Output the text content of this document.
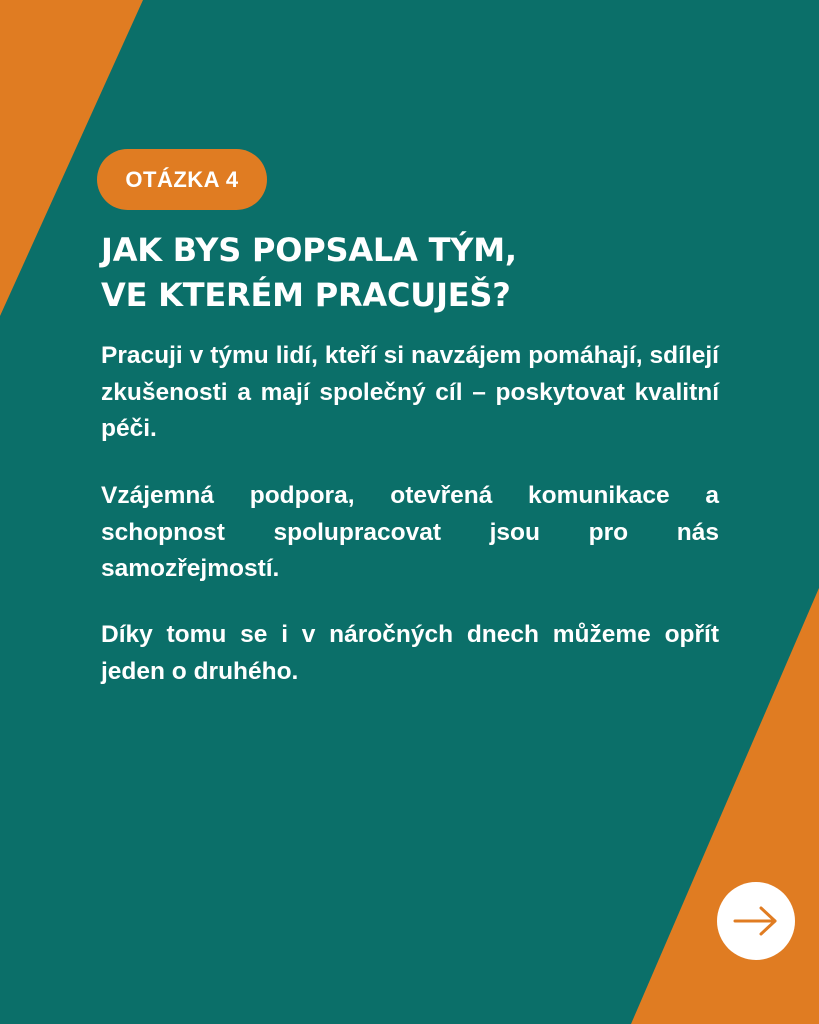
OTÁZKA 4
JAK BYS POPSALA TÝM,
VE KTERÉM PRACUJEŠ?

Pracuji v týmu lidí, kteří si navzájem pomáhají, sdílejí zkušenosti a mají společný cíl – poskytovat kvalitní péči.

Vzájemná podpora, otevřená komunikace a schopnost spolupracovat jsou pro nás samozřejmostí.

Díky tomu se i v náročných dnech můžeme opřít jeden o druhého.
